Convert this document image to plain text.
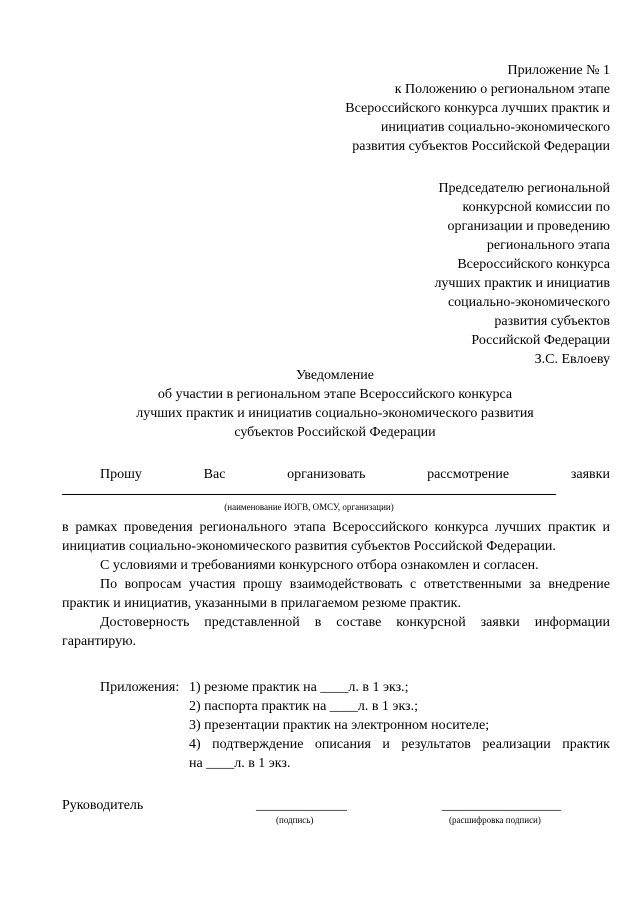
Приложение № 1
к Положению о региональном этапе
Всероссийского конкурса лучших практик и
инициатив социально-экономического
развития субъектов Российской Федерации
Председателю региональной
конкурсной комиссии по
организации и проведению
регионального этапа
Всероссийского конкурса
лучших практик и инициатив
социально-экономического
развития субъектов
Российской Федерации
З.С. Евлоеву
Уведомление
об участии в региональном этапе Всероссийского конкурса
лучших практик и инициатив социально-экономического развития
субъектов Российской Федерации
Прошу	Вас	организовать	рассмотрение	заявки
(наименование ИОГВ, ОМСУ, организации)

в рамках проведения регионального этапа Всероссийского конкурса лучших практик и инициатив социально-экономического развития субъектов Российской Федерации.

С условиями и требованиями конкурсного отбора ознакомлен и согласен.

По вопросам участия прошу взаимодействовать с ответственными за внедрение практик и инициатив, указанными в прилагаемом резюме практик.

Достоверность представленной в составе конкурсной заявки информации гарантирую.

Приложения: 1) резюме практик на ____л. в 1 экз.;
2) паспорта практик на ____л. в 1 экз.;
3) презентации практик на электронном носителе;
4) подтверждение описания и результатов реализации практик
на ____л. в 1 экз.
Руководитель	_____________	_________________
(подпись)	(расшифровка подписи)
